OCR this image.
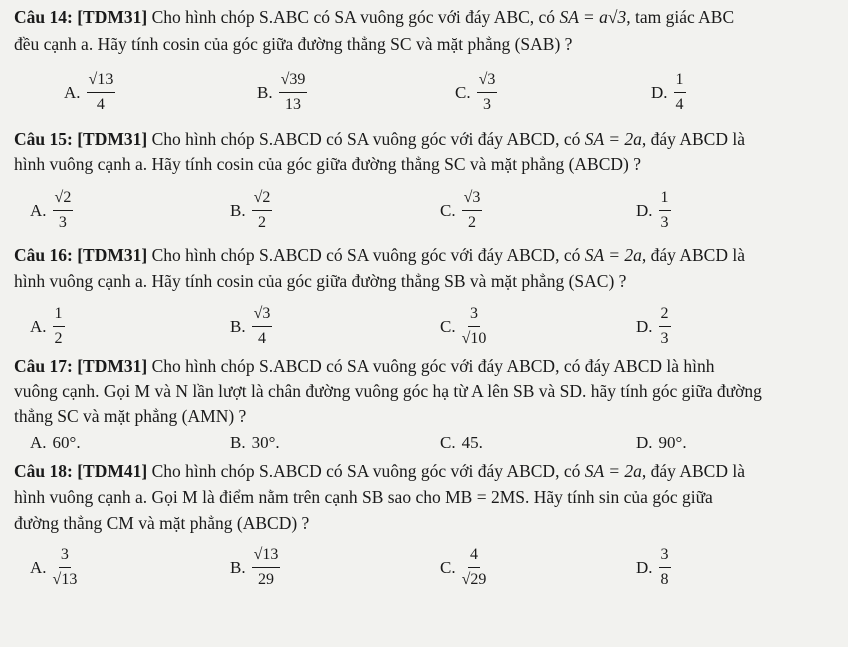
Câu 14: [TDM31] Cho hình chóp S.ABC có SA vuông góc với đáy ABC, có SA = a√3, tam giác ABC
đều cạnh a. Hãy tính cosin của góc giữa đường thẳng SC và mặt phẳng (SAB) ?
A. $\frac{√13}{4}$	B. $\frac{√39}{13}$	C. $\frac{√3}{3}$	D. $\frac{1}{4}$
Câu 15: [TDM31] Cho hình chóp S.ABCD có SA vuông góc với đáy ABCD, có SA = 2a, đáy ABCD là
hình vuông cạnh a. Hãy tính cosin của góc giữa đường thẳng SC và mặt phẳng (ABCD) ?
A. $\frac{√2}{3}$	B. $\frac{√2}{2}$	C. $\frac{√3}{2}$	D. $\frac{1}{3}$
Câu 16: [TDM31] Cho hình chóp S.ABCD có SA vuông góc với đáy ABCD, có SA = 2a, đáy ABCD là
hình vuông cạnh a. Hãy tính cosin của góc giữa đường thẳng SB và mặt phẳng (SAC) ?
A. $\frac{1}{2}$	B. $\frac{√3}{4}$	C. $\frac{3}{√10}$	D. $\frac{2}{3}$
Câu 17: [TDM31] Cho hình chóp S.ABCD có SA vuông góc với đáy ABCD, có đáy ABCD là hình
vuông cạnh. Gọi M và N lần lượt là chân đường vuông góc hạ từ A lên SB và SD. hãy tính góc giữa đường
thẳng SC và mặt phẳng (AMN) ?
A. 60°.	B. 30°.	C. 45.	D. 90°.
Câu 18: [TDM41] Cho hình chóp S.ABCD có SA vuông góc với đáy ABCD, có SA = 2a, đáy ABCD là
hình vuông cạnh a. Gọi M là điểm nằm trên cạnh SB sao cho MB = 2MS. Hãy tính sin của góc giữa
đường thẳng CM và mặt phẳng (ABCD) ?
A. $\frac{3}{√13}$	B. $\frac{√13}{29}$	C. $\frac{4}{√29}$	D. $\frac{3}{8}$
